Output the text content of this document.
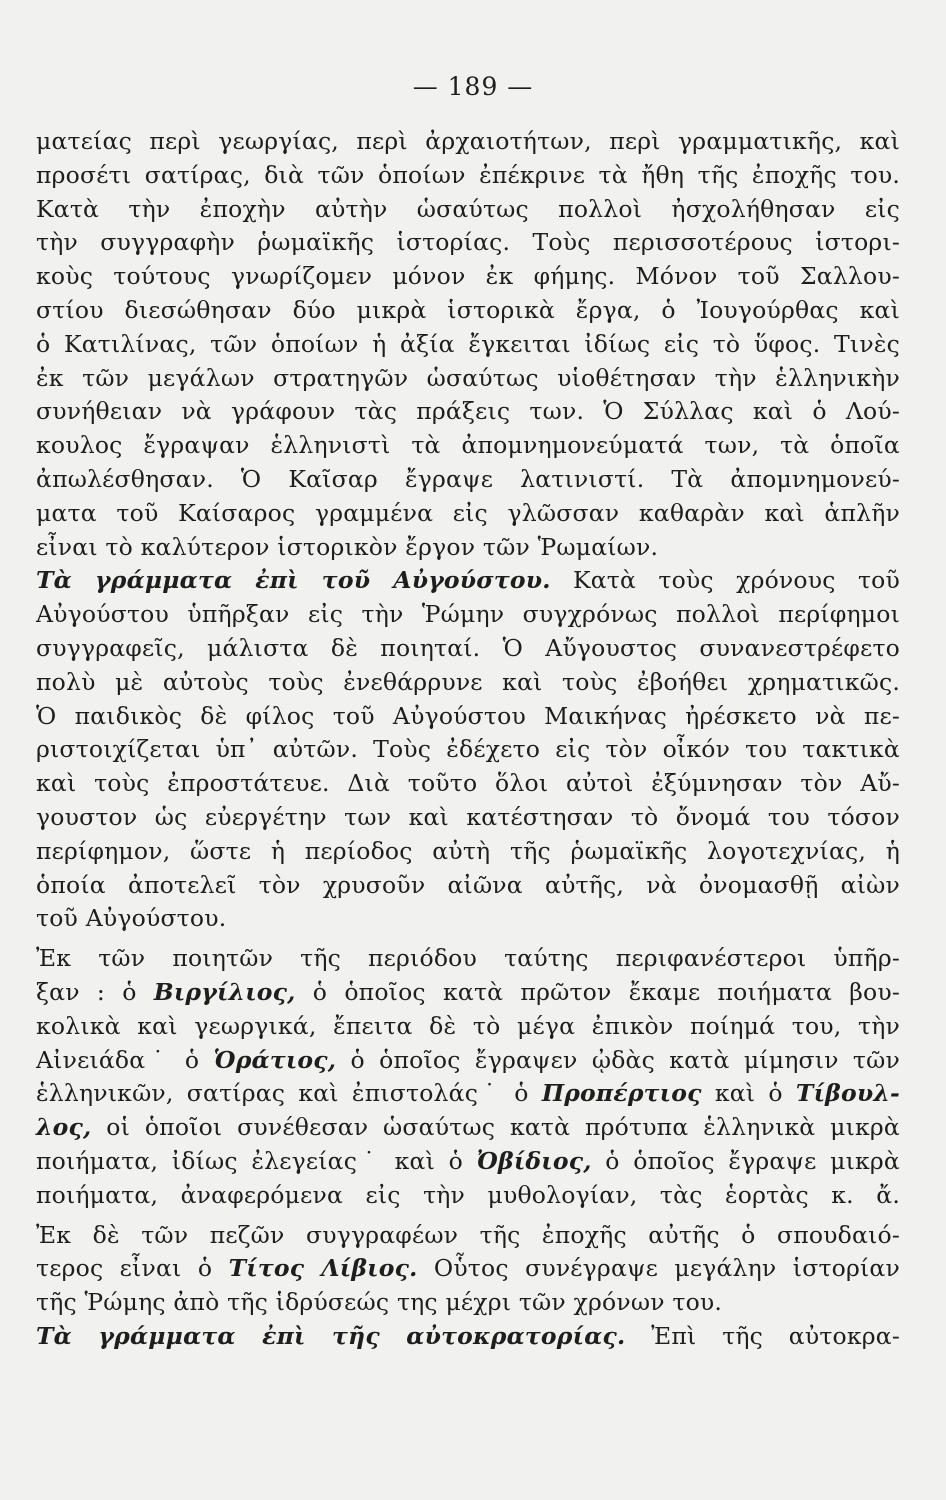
— 189 —
ματείας περὶ γεωργίας, περὶ ἀρχαιοτήτων, περὶ γραμματικῆς, καὶ
προσέτι σατίρας, διὰ τῶν ὁποίων ἐπέκρινε τὰ ἤθη τῆς ἐποχῆς του.
Κατὰ τὴν ἐποχὴν αὐτὴν ὡσαύτως πολλοὶ ἠσχολήθησαν εἰς
τὴν συγγραφὴν ῥωμαϊκῆς ἱστορίας. Τοὺς περισσοτέρους ἱστορι-
κοὺς τούτους γνωρίζομεν μόνον ἐκ φήμης. Μόνον τοῦ Σαλλου-
στίου διεσώθησαν δύο μικρὰ ἱστορικὰ ἔργα, ὁ Ἰουγούρθας καὶ
ὁ Κατιλίνας, τῶν ὁποίων ἡ ἀξία ἔγκειται ἰδίως εἰς τὸ ὕφος. Τινὲς
ἐκ τῶν μεγάλων στρατηγῶν ὡσαύτως υἱοθέτησαν τὴν ἑλληνικὴν
συνήθειαν νὰ γράφουν τὰς πράξεις των. Ὁ Σύλλας καὶ ὁ Λού-
κουλος ἔγραψαν ἑλληνιστὶ τὰ ἀπομνημονεύματά των, τὰ ὁποῖα
ἀπωλέσθησαν. Ὁ Καῖσαρ ἔγραψε λατινιστί. Τὰ ἀπομνημονεύ-
ματα τοῦ Καίσαρος γραμμένα εἰς γλῶσσαν καθαρὰν καὶ ἁπλῆν
εἶναι τὸ καλύτερον ἱστορικὸν ἔργον τῶν Ῥωμαίων.
Τὰ γράμματα ἐπὶ τοῦ Αὐγούστου. Κατὰ τοὺς χρόνους τοῦ
Αὐγούστου ὑπῆρξαν εἰς τὴν Ῥώμην συγχρόνως πολλοὶ περίφημοι
συγγραφεῖς, μάλιστα δὲ ποιηταί. Ὁ Αὔγουστος συνανεστρέφετο
πολὺ μὲ αὐτοὺς τοὺς ἐνεθάρρυνε καὶ τοὺς ἐβοήθει χρηματικῶς.
Ὁ παιδικὸς δὲ φίλος τοῦ Αὐγούστου Μαικήνας ἠρέσκετο νὰ πε-
ριστοιχίζεται ὑπ᾽ αὐτῶν. Τοὺς ἐδέχετο εἰς τὸν οἶκόν του τακτικὰ
καὶ τοὺς ἐπροστάτευε. Διὰ τοῦτο ὅλοι αὐτοὶ ἐξύμνησαν τὸν Αὔ-
γουστον ὡς εὐεργέτην των καὶ κατέστησαν τὸ ὄνομά του τόσον
περίφημον, ὥστε ἡ περίοδος αὐτὴ τῆς ῥωμαϊκῆς λογοτεχνίας, ἡ
ὁποία ἀποτελεῖ τὸν χρυσοῦν αἰῶνα αὐτῆς, νὰ ὀνομασθῇ αἰὼν
τοῦ Αὐγούστου.
Ἐκ τῶν ποιητῶν τῆς περιόδου ταύτης περιφανέστεροι ὑπῆρ-
ξαν : ὁ Βιργίλιος, ὁ ὁποῖος κατὰ πρῶτον ἔκαμε ποιήματα βου-
κολικὰ καὶ γεωργικά, ἔπειτα δὲ τὸ μέγα ἐπικὸν ποίημά του, τὴν
Αἰνειάδα˙ ὁ Ὁράτιος, ὁ ὁποῖος ἔγραψεν ᾠδὰς κατὰ μίμησιν τῶν
ἑλληνικῶν, σατίρας καὶ ἐπιστολάς˙ ὁ Προπέρτιος καὶ ὁ Τίβουλ-
λος, οἱ ὁποῖοι συνέθεσαν ὡσαύτως κατὰ πρότυπα ἑλληνικὰ μικρὰ
ποιήματα, ἰδίως ἐλεγείας˙ καὶ ὁ Ὀβίδιος, ὁ ὁποῖος ἔγραψε μικρὰ
ποιήματα, ἀναφερόμενα εἰς τὴν μυθολογίαν, τὰς ἑορτὰς κ. ἄ.
Ἐκ δὲ τῶν πεζῶν συγγραφέων τῆς ἐποχῆς αὐτῆς ὁ σπουδαιό-
τερος εἶναι ὁ Τίτος Λίβιος. Οὗτος συνέγραψε μεγάλην ἱστορίαν
τῆς Ῥώμης ἀπὸ τῆς ἱδρύσεώς της μέχρι τῶν χρόνων του.
Τὰ γράμματα ἐπὶ τῆς αὐτοκρατορίας. Ἐπὶ τῆς αὐτοκρα-
